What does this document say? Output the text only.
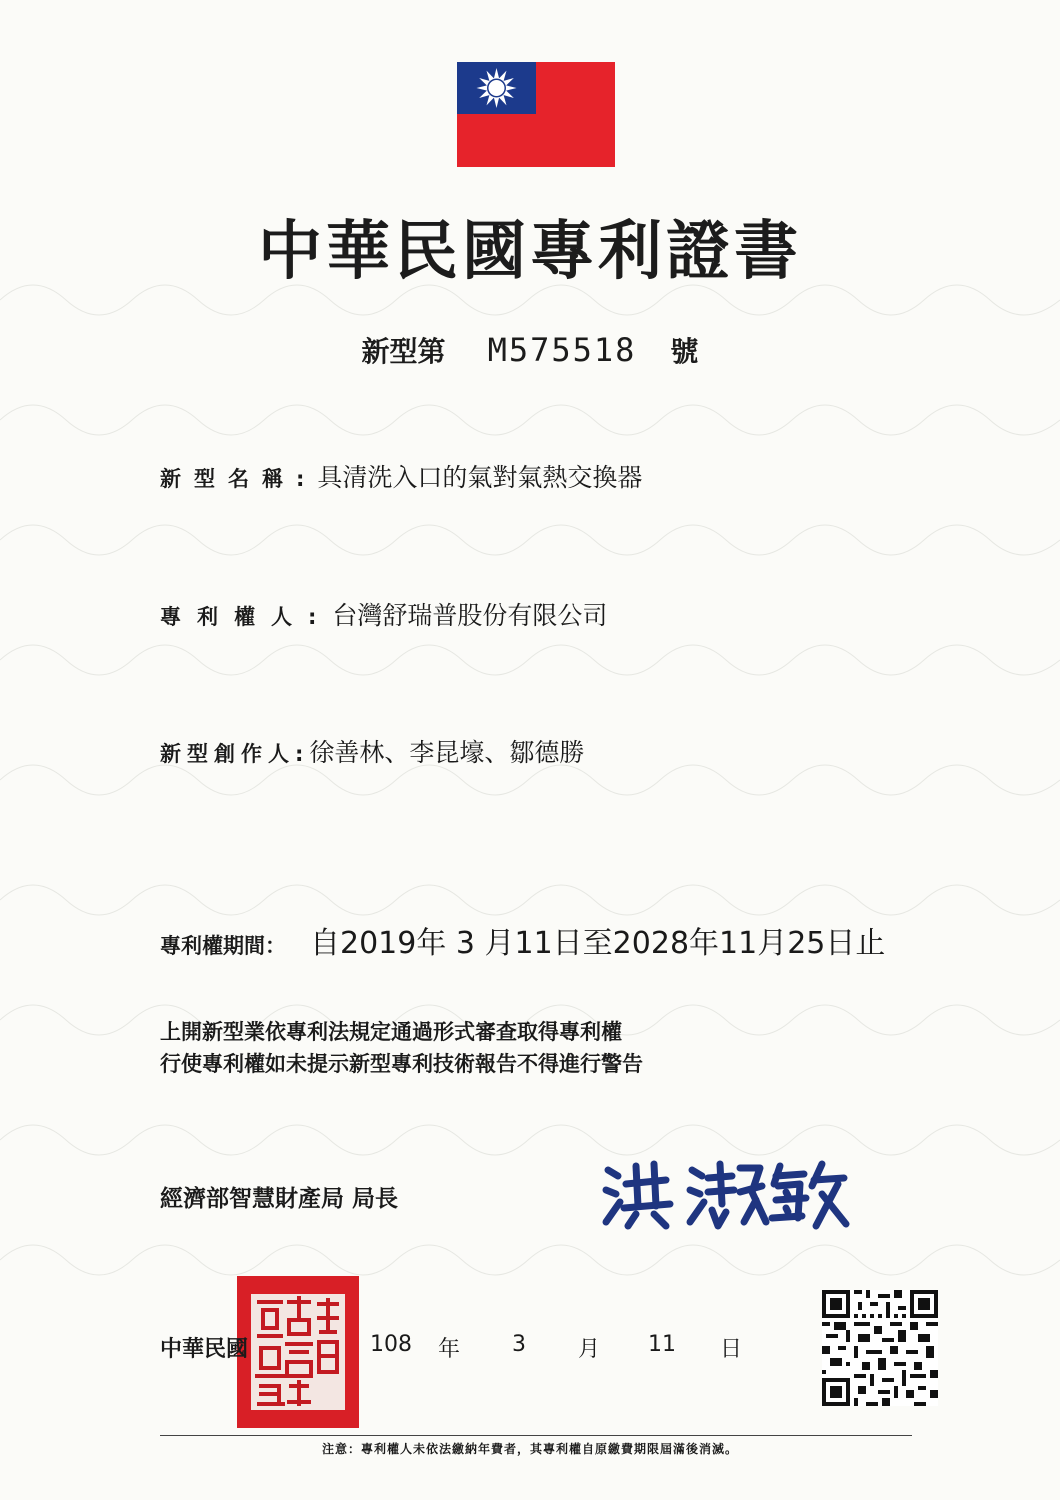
中華民國專利證書
新型第 M575518 號
新型名稱:具清洗入口的氣對氣熱交換器
專利權人:台灣舒瑞普股份有限公司
新型創作人:徐善林、李昆壕、鄒德勝
專利權期間： 自2019年 3 月11日至2028年11月25日止
上開新型業依專利法規定通過形式審查取得專利權
行使專利權如未提示新型專利技術報告不得進行警告
經濟部智慧財產局 局長
中華民國	108 年 3 月 11 日
注意：專利權人未依法繳納年費者，其專利權自原繳費期限屆滿後消滅。
